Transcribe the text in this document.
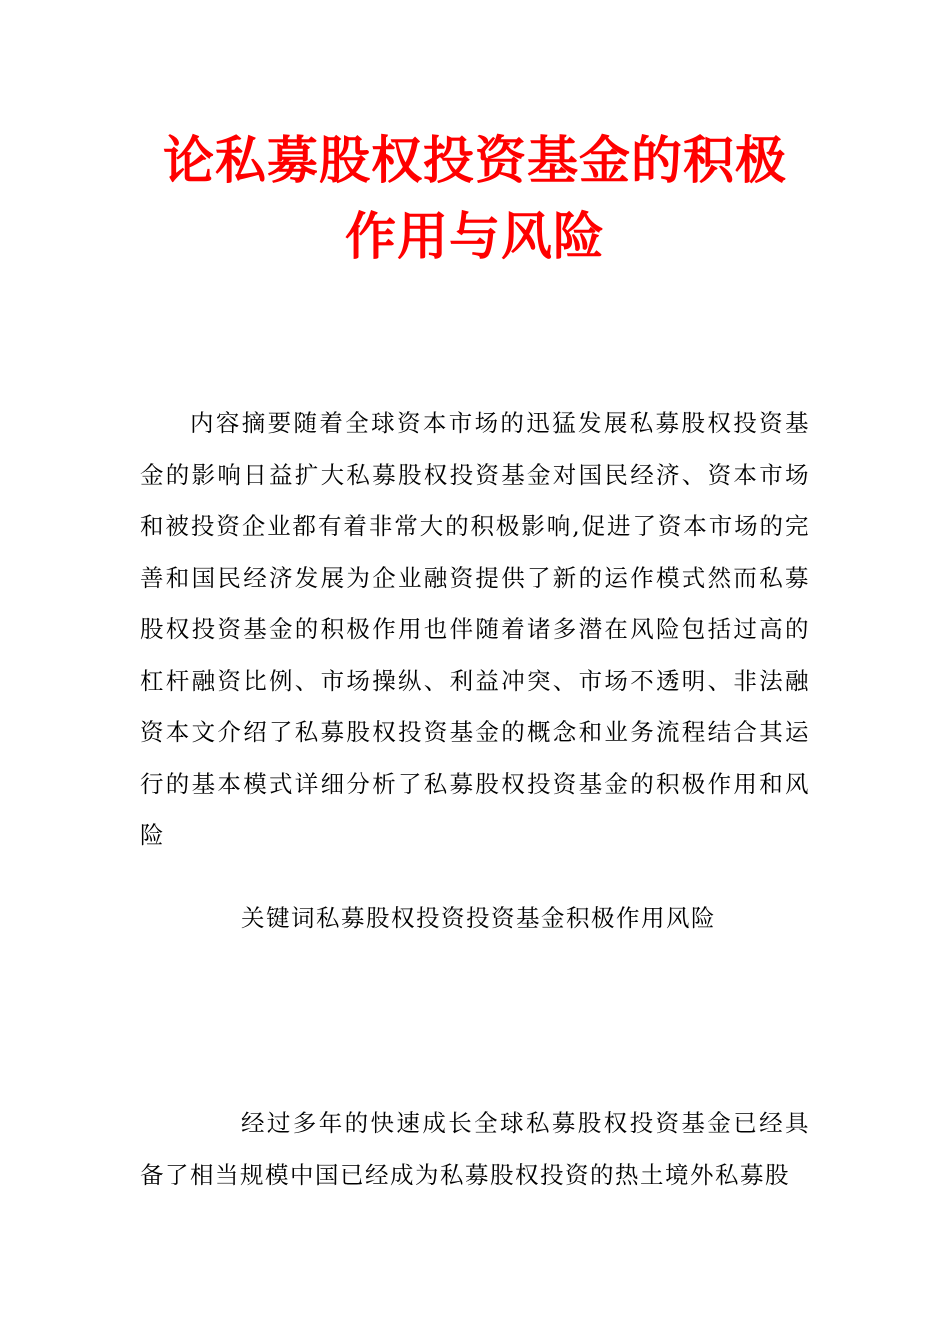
论私募股权投资基金的积极作用与风险

内容摘要随着全球资本市场的迅猛发展私募股权投资基金的影响日益扩大私募股权投资基金对国民经济、资本市场和被投资企业都有着非常大的积极影响,促进了资本市场的完善和国民经济发展为企业融资提供了新的运作模式然而私募股权投资基金的积极作用也伴随着诸多潜在风险包括过高的杠杆融资比例、市场操纵、利益冲突、市场不透明、非法融资本文介绍了私募股权投资基金的概念和业务流程结合其运行的基本模式详细分析了私募股权投资基金的积极作用和风险

关键词私募股权投资投资基金积极作用风险

经过多年的快速成长全球私募股权投资基金已经具备了相当规模中国已经成为私募股权投资的热土境外私募股
